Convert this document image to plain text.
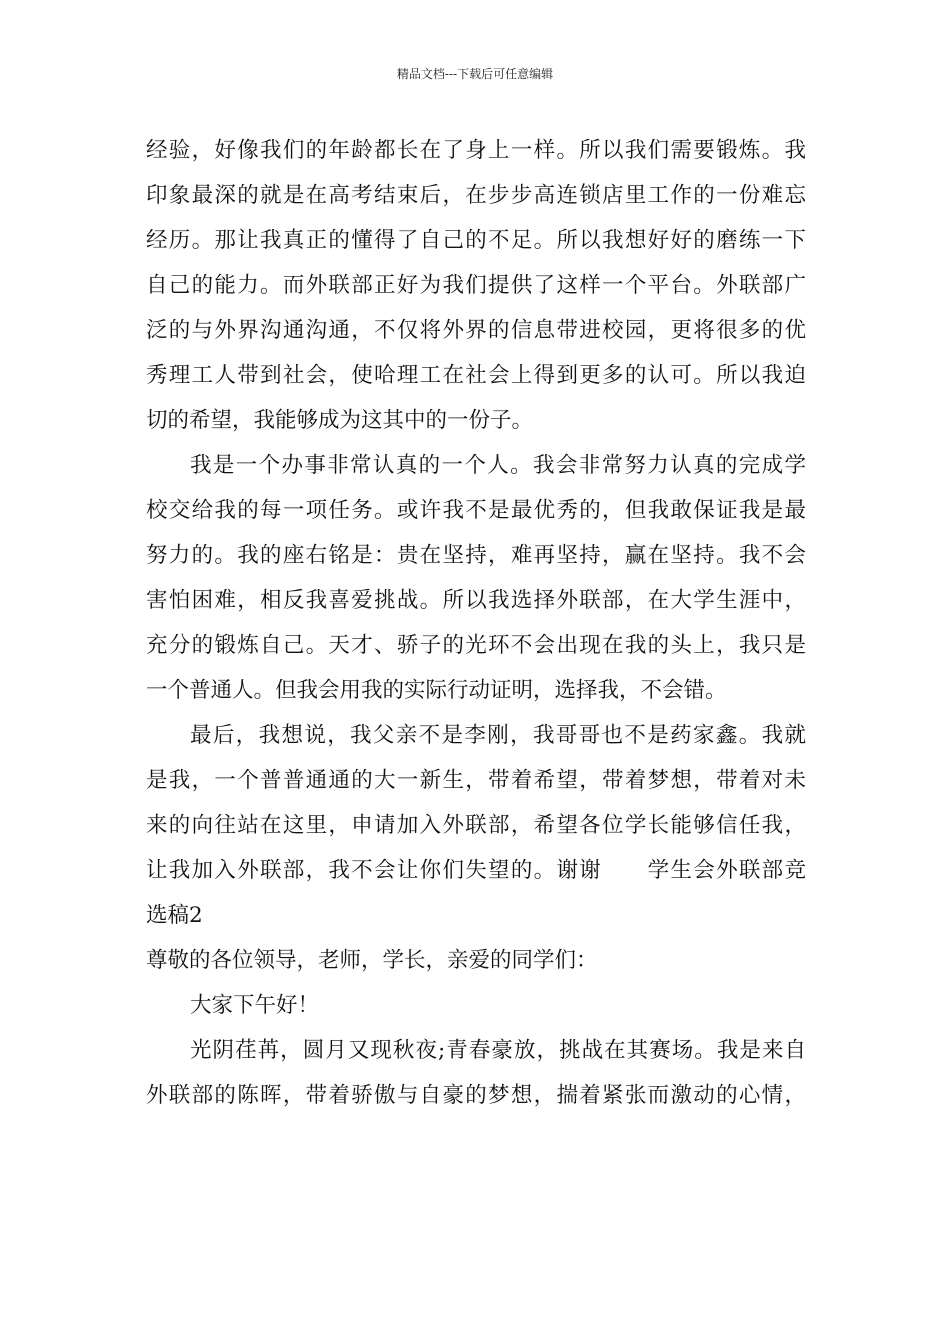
精品文档---下载后可任意编辑
经验，好像我们的年龄都长在了身上一样。所以我们需要锻炼。我
印象最深的就是在高考结束后，在步步高连锁店里工作的一份难忘
经历。那让我真正的懂得了自己的不足。所以我想好好的磨练一下
自己的能力。而外联部正好为我们提供了这样一个平台。外联部广
泛的与外界沟通沟通，不仅将外界的信息带进校园，更将很多的优
秀理工人带到社会，使哈理工在社会上得到更多的认可。所以我迫
切的希望，我能够成为这其中的一份子。
我是一个办事非常认真的一个人。我会非常努力认真的完成学
校交给我的每一项任务。或许我不是最优秀的，但我敢保证我是最
努力的。我的座右铭是：贵在坚持，难再坚持，赢在坚持。我不会
害怕困难，相反我喜爱挑战。所以我选择外联部，在大学生涯中，
充分的锻炼自己。天才、骄子的光环不会出现在我的头上，我只是
一个普通人。但我会用我的实际行动证明，选择我，不会错。
最后，我想说，我父亲不是李刚，我哥哥也不是药家鑫。我就
是我，一个普普通通的大一新生，带着希望，带着梦想，带着对未
来的向往站在这里，申请加入外联部，希望各位学长能够信任我，
让我加入外联部，我不会让你们失望的。谢谢　　学生会外联部竞
选稿2
尊敬的各位领导，老师，学长，亲爱的同学们：
大家下午好！
光阴荏苒，圆月又现秋夜;青春豪放，挑战在其赛场。我是来自
外联部的陈晖，带着骄傲与自豪的梦想，揣着紧张而激动的心情，
